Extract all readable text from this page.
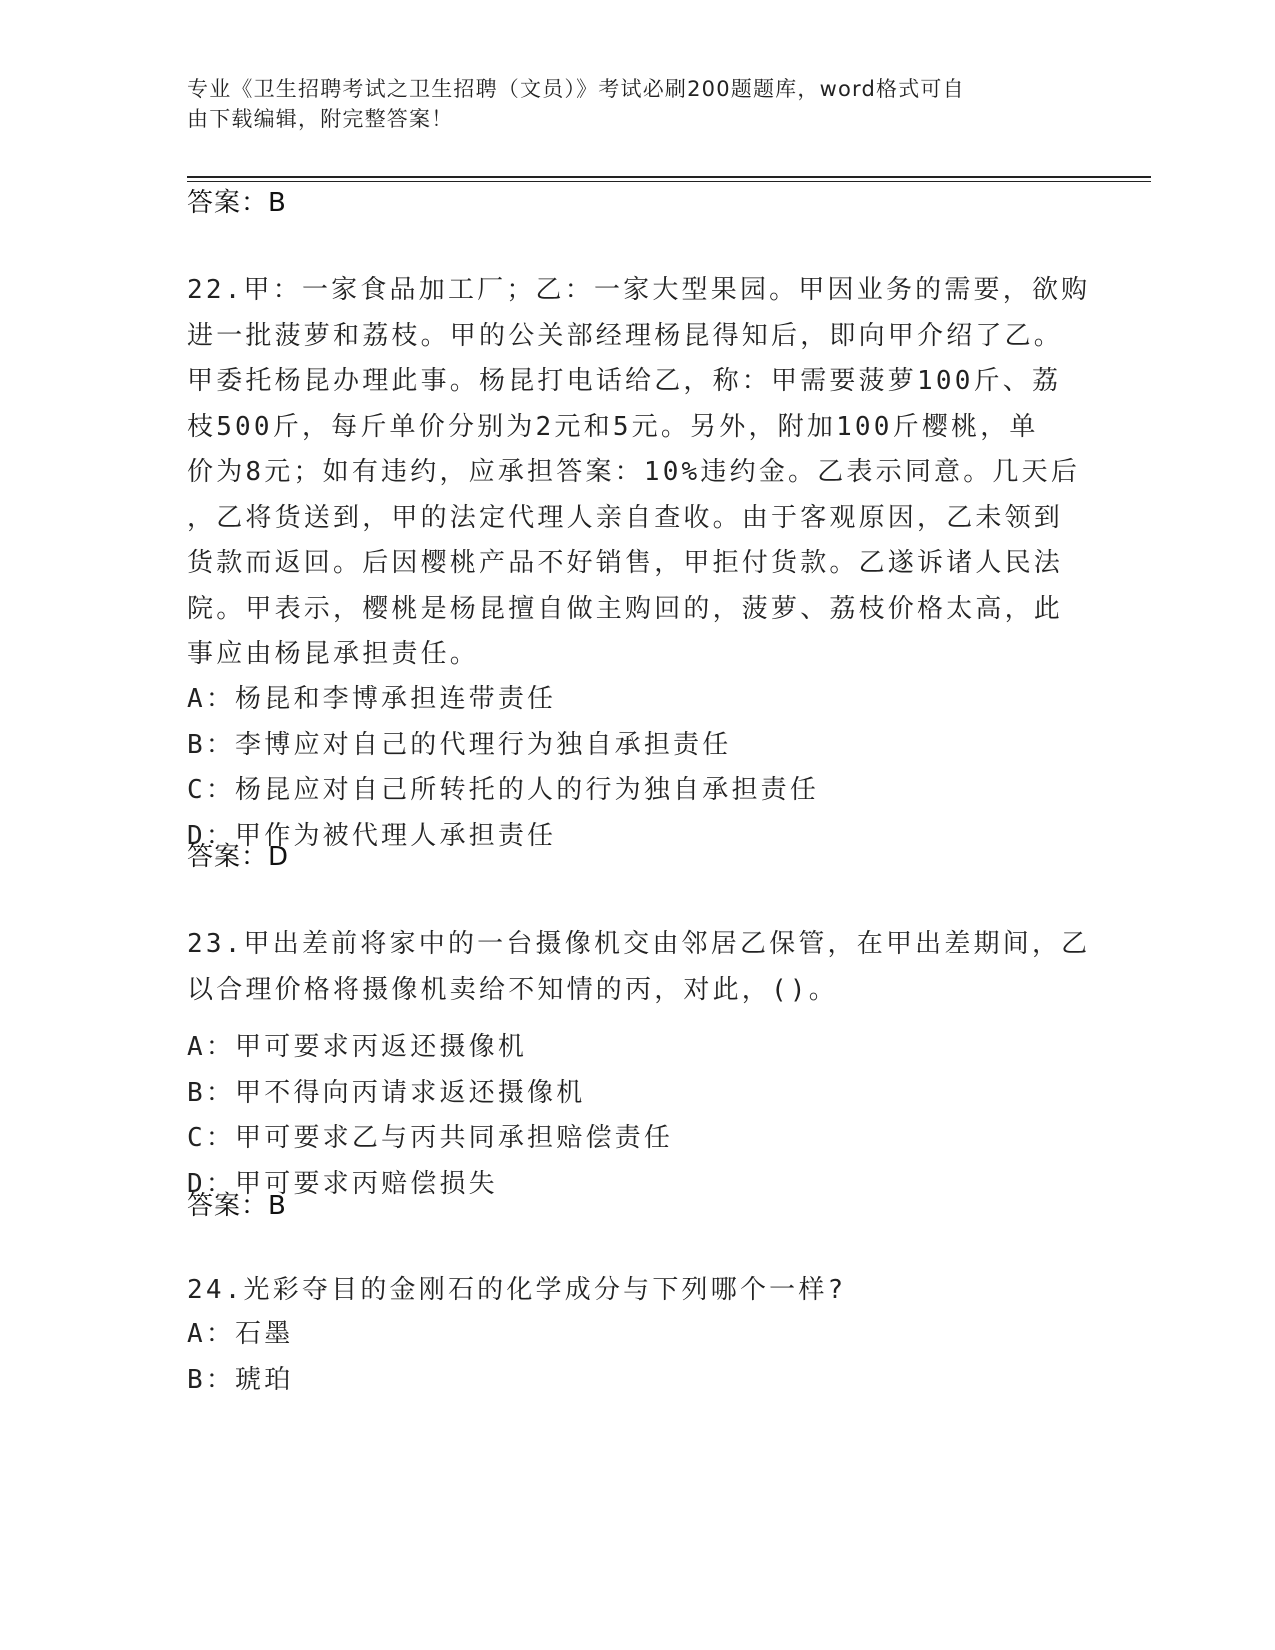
专业《卫生招聘考试之卫生招聘（文员）》考试必刷200题题库，word格式可自
由下载编辑，附完整答案！
答案：B
22.甲：一家食品加工厂；乙：一家大型果园。甲因业务的需要，欲购
进一批菠萝和荔枝。甲的公关部经理杨昆得知后，即向甲介绍了乙。
甲委托杨昆办理此事。杨昆打电话给乙，称：甲需要菠萝100斤、荔
枝500斤，每斤单价分别为2元和5元。另外，附加100斤樱桃，单
价为8元；如有违约，应承担答案：10%违约金。乙表示同意。几天后
，乙将货送到，甲的法定代理人亲自查收。由于客观原因，乙未领到
货款而返回。后因樱桃产品不好销售，甲拒付货款。乙遂诉诸人民法
院。甲表示，樱桃是杨昆擅自做主购回的，菠萝、荔枝价格太高，此
事应由杨昆承担责任。
A：杨昆和李博承担连带责任
B：李博应对自己的代理行为独自承担责任
C：杨昆应对自己所转托的人的行为独自承担责任
D：甲作为被代理人承担责任
答案：D
23.甲出差前将家中的一台摄像机交由邻居乙保管，在甲出差期间，乙
以合理价格将摄像机卖给不知情的丙，对此，()。
A：甲可要求丙返还摄像机
B：甲不得向丙请求返还摄像机
C：甲可要求乙与丙共同承担赔偿责任
D：甲可要求丙赔偿损失
答案：B
24.光彩夺目的金刚石的化学成分与下列哪个一样?
A：石墨
B：琥珀
